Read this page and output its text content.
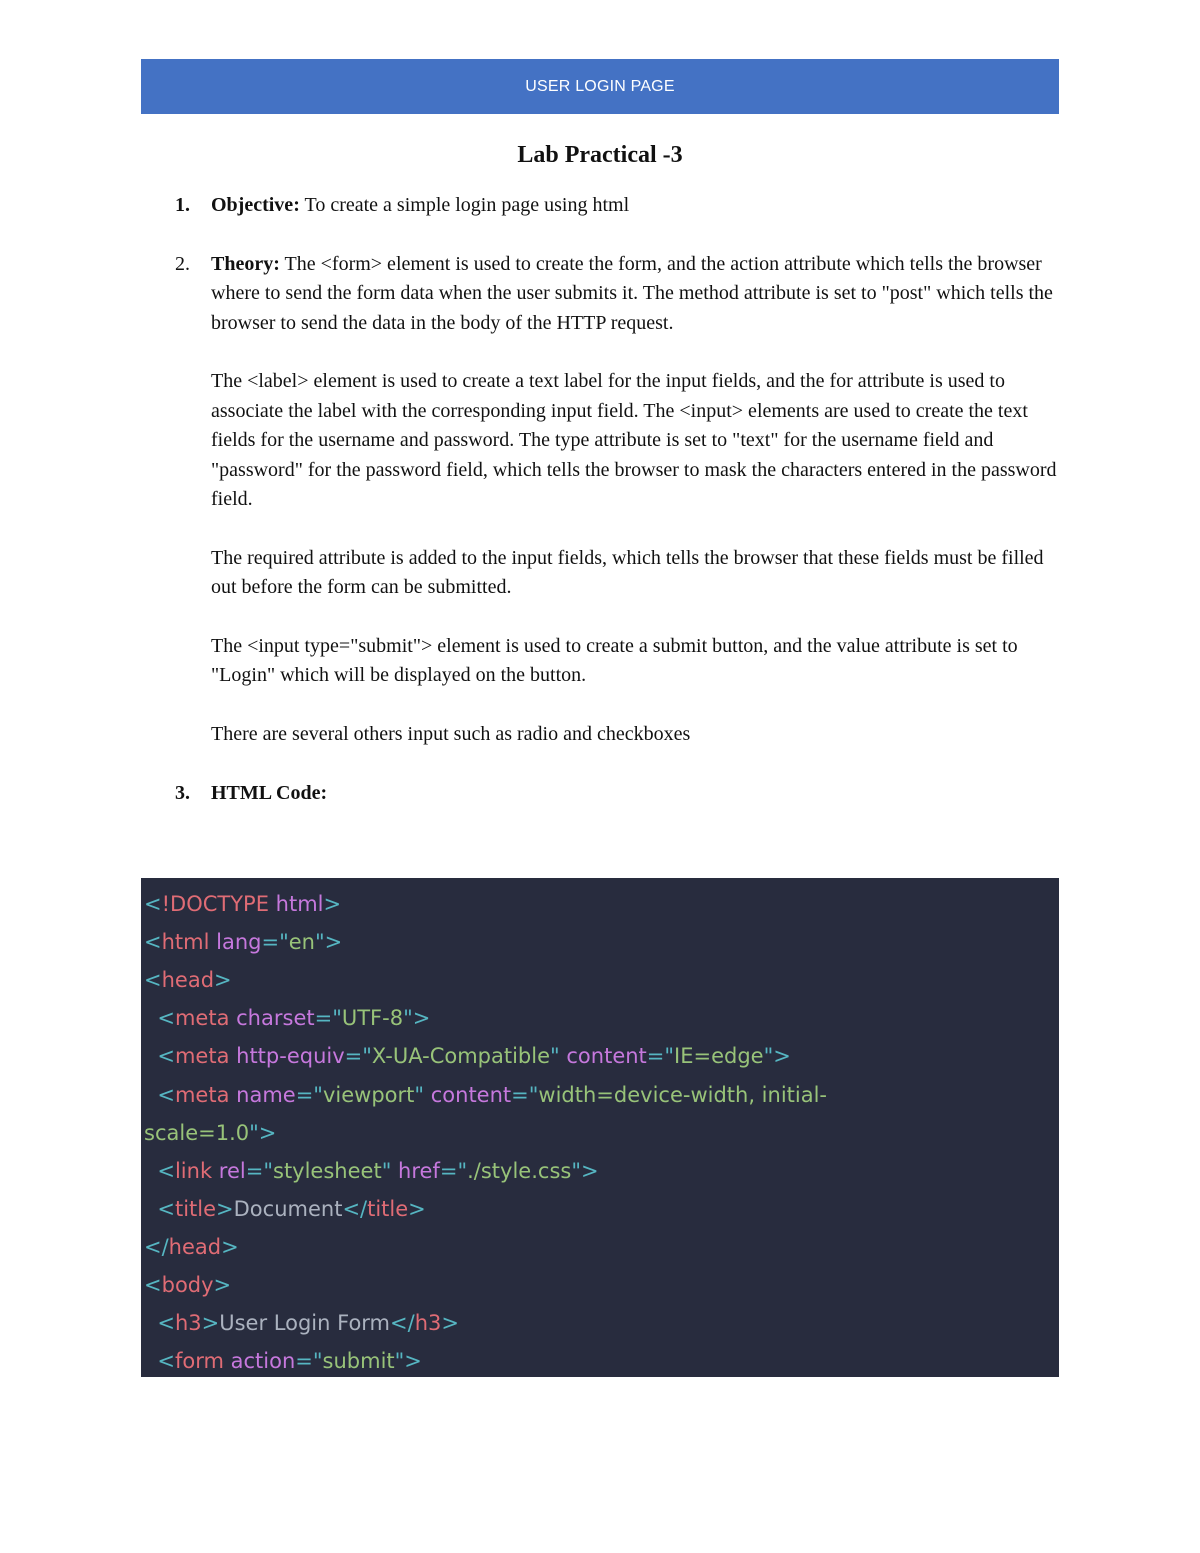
USER LOGIN PAGE
Lab Practical -3
1. Objective: To create a simple login page using html

2. Theory: The <form> element is used to create the form, and the action attribute which tells the browser where to send the form data when the user submits it. The method attribute is set to "post" which tells the browser to send the data in the body of the HTTP request.

The <label> element is used to create a text label for the input fields, and the for attribute is used to associate the label with the corresponding input field. The <input> elements are used to create the text fields for the username and password. The type attribute is set to "text" for the username field and "password" for the password field, which tells the browser to mask the characters entered in the password field.

The required attribute is added to the input fields, which tells the browser that these fields must be filled out before the form can be submitted.

The <input type="submit"> element is used to create a submit button, and the value attribute is set to "Login" which will be displayed on the button.

There are several others input such as radio and checkboxes

3. HTML Code:

<!DOCTYPE html>
<html lang="en">
<head>
<meta charset="UTF-8">
<meta http-equiv="X-UA-Compatible" content="IE=edge">
<meta name="viewport" content="width=device-width, initial-
scale=1.0">
<link rel="stylesheet" href="./style.css">
<title>Document</title>
</head>
<body>
<h3>User Login Form</h3>
<form action="submit">
